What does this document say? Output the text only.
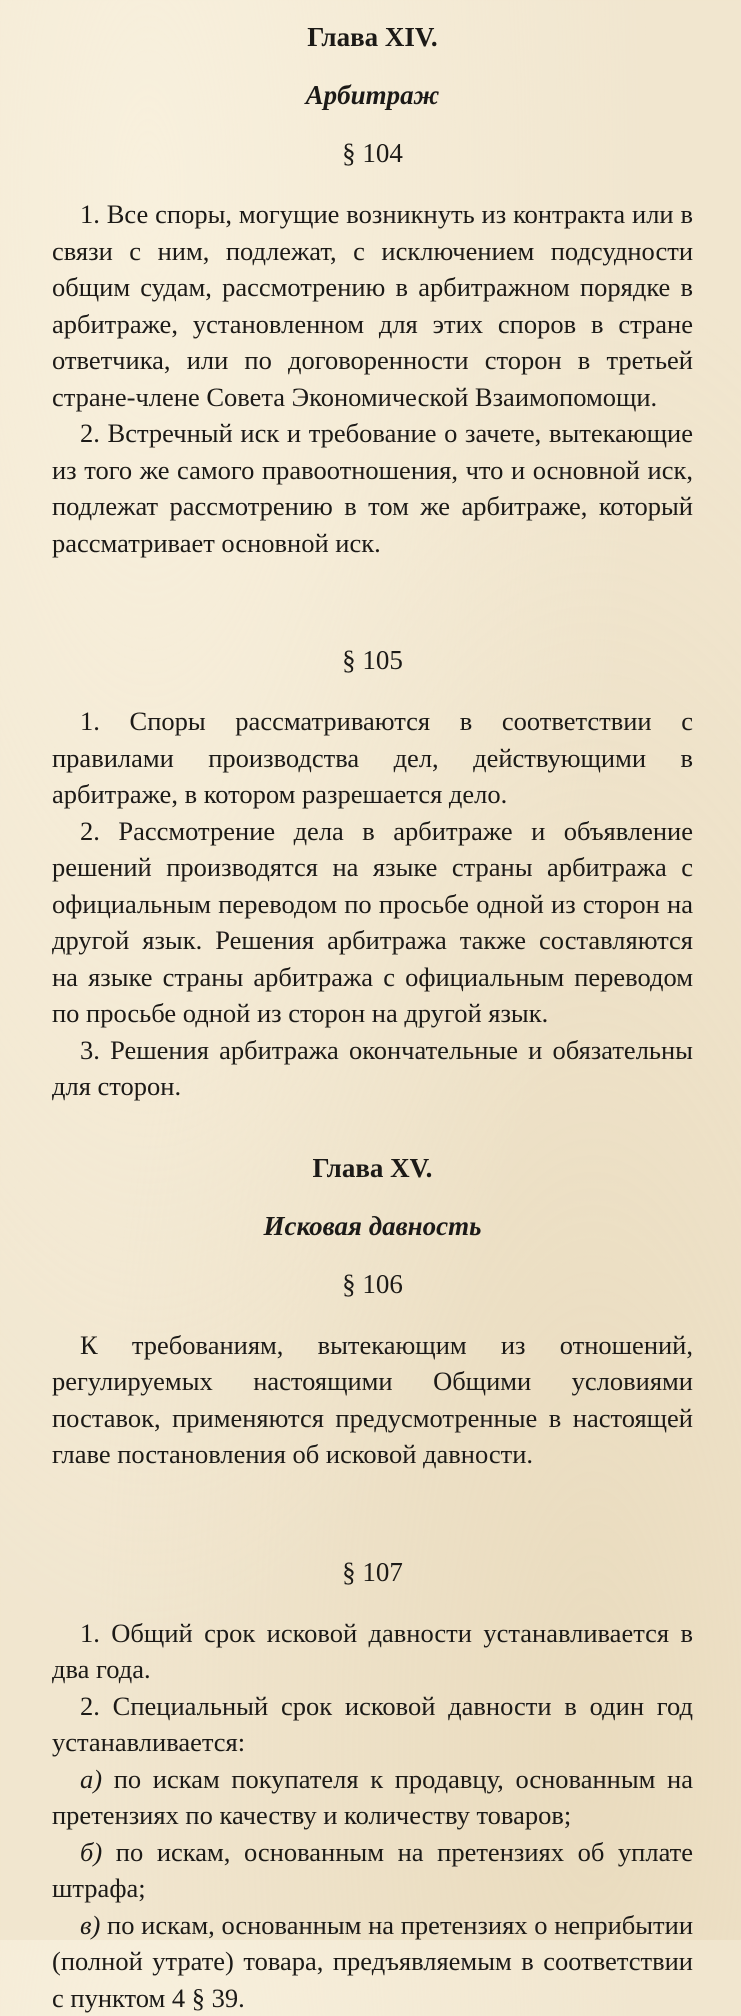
Глава XIV.
Арбитраж
§ 104

1. Все споры, могущие возникнуть из контракта или в связи с ним, подлежат, с исключением подсудности общим судам, рассмотрению в арбитражном порядке в арбитраже, установленном для этих споров в стране ответчика, или по договоренности сторон в третьей стране-члене Совета Экономической Взаимопомощи.

2. Встречный иск и требование о зачете, вытекающие из того же самого правоотношения, что и основной иск, подлежат рассмотрению в том же арбитраже, который рассматривает основной иск.

§ 105

1. Споры рассматриваются в соответствии с правилами производства дел, действующими в арбитраже, в котором разрешается дело.

2. Рассмотрение дела в арбитраже и объявление решений производятся на языке страны арбитража с официальным переводом по просьбе одной из сторон на другой язык. Решения арбитража также составляются на языке страны арбитража с официальным переводом по просьбе одной из сторон на другой язык.

3. Решения арбитража окончательные и обязательны для сторон.

Глава XV.
Исковая давность
§ 106

К требованиям, вытекающим из отношений, регулируемых настоящими Общими условиями поставок, применяются предусмотренные в настоящей главе постановления об исковой давности.

§ 107

1. Общий срок исковой давности устанавливается в два года.

2. Специальный срок исковой давности в один год устанавливается:

а) по искам покупателя к продавцу, основанным на претензиях по качеству и количеству товаров;

б) по искам, основанным на претензиях об уплате штрафа;

в) по искам, основанным на претензиях о неприбытии (полной утрате) товара, предъявляемым в соответствии с пунктом 4 § 39.
